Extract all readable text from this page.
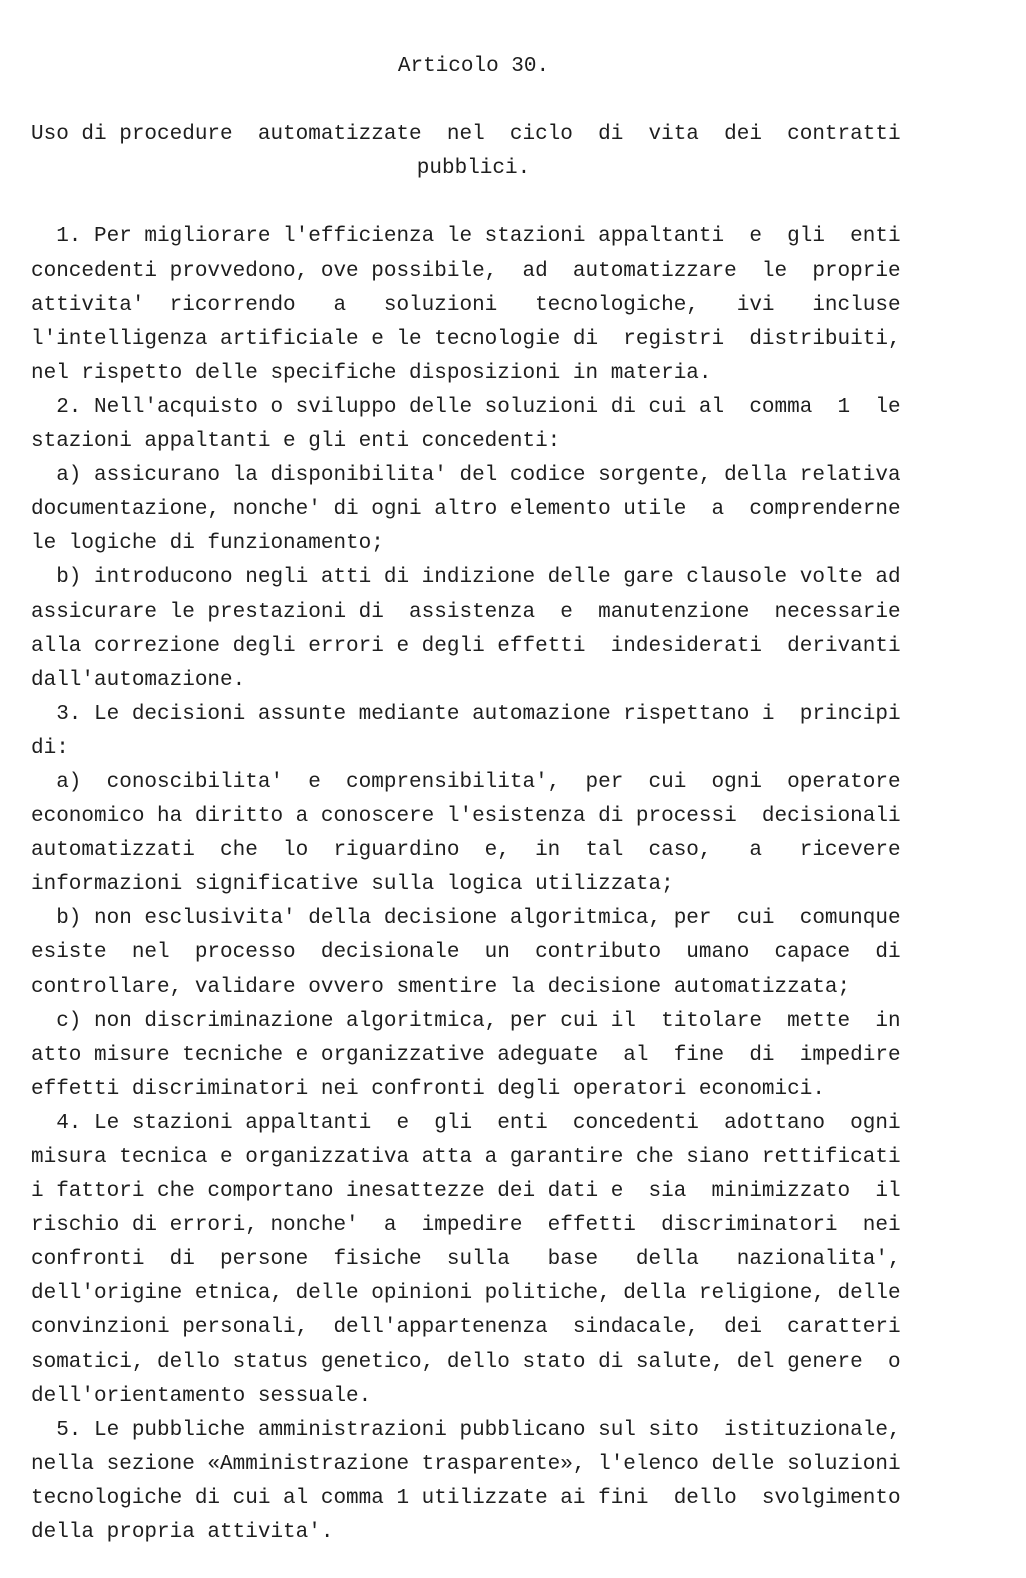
Articolo 30.
Uso di procedure  automatizzate  nel  ciclo  di  vita  dei  contratti
pubblici.
1. Per migliorare l'efficienza le stazioni appaltanti  e  gli  enti
concedenti provvedono, ove possibile,  ad  automatizzare  le  proprie
attivita'  ricorrendo   a   soluzioni   tecnologiche,   ivi   incluse
l'intelligenza artificiale e le tecnologie di  registri  distribuiti,
nel rispetto delle specifiche disposizioni in materia.
2. Nell'acquisto o sviluppo delle soluzioni di cui al  comma  1  le
stazioni appaltanti e gli enti concedenti:
a) assicurano la disponibilita' del codice sorgente, della relativa
documentazione, nonche' di ogni altro elemento utile  a  comprenderne
le logiche di funzionamento;
b) introducono negli atti di indizione delle gare clausole volte ad
assicurare le prestazioni di  assistenza  e  manutenzione  necessarie
alla correzione degli errori e degli effetti  indesiderati  derivanti
dall'automazione.
3. Le decisioni assunte mediante automazione rispettano i  principi
di:
a)  conoscibilita'  e  comprensibilita',  per  cui  ogni  operatore
economico ha diritto a conoscere l'esistenza di processi  decisionali
automatizzati  che  lo  riguardino  e,  in  tal  caso,   a   ricevere
informazioni significative sulla logica utilizzata;
b) non esclusivita' della decisione algoritmica, per  cui  comunque
esiste  nel  processo  decisionale  un  contributo  umano  capace  di
controllare, validare ovvero smentire la decisione automatizzata;
c) non discriminazione algoritmica, per cui il  titolare  mette  in
atto misure tecniche e organizzative adeguate  al  fine  di  impedire
effetti discriminatori nei confronti degli operatori economici.
4. Le stazioni appaltanti  e  gli  enti  concedenti  adottano  ogni
misura tecnica e organizzativa atta a garantire che siano rettificati
i fattori che comportano inesattezze dei dati e  sia  minimizzato  il
rischio di errori, nonche'  a  impedire  effetti  discriminatori  nei
confronti  di  persone  fisiche  sulla   base   della   nazionalita',
dell'origine etnica, delle opinioni politiche, della religione, delle
convinzioni personali,  dell'appartenenza  sindacale,  dei  caratteri
somatici, dello status genetico, dello stato di salute, del genere  o
dell'orientamento sessuale.
5. Le pubbliche amministrazioni pubblicano sul sito  istituzionale,
nella sezione «Amministrazione trasparente», l'elenco delle soluzioni
tecnologiche di cui al comma 1 utilizzate ai fini  dello  svolgimento
della propria attivita'.
